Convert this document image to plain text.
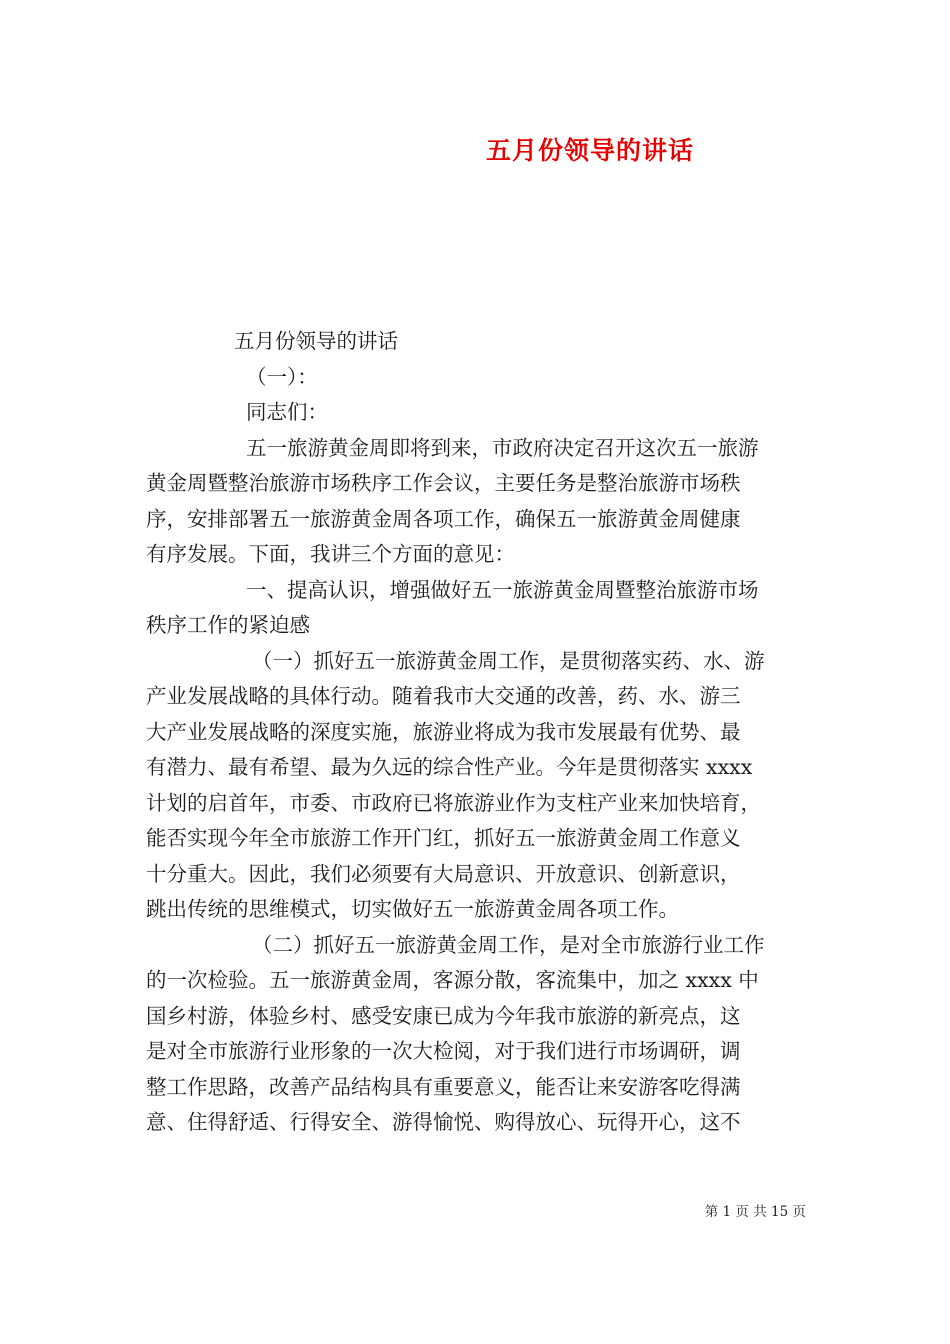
五月份领导的讲话
五月份领导的讲话
（一）：
同志们：
五一旅游黄金周即将到来，市政府决定召开这次五一旅游
黄金周暨整治旅游市场秩序工作会议，主要任务是整治旅游市场秩
序，安排部署五一旅游黄金周各项工作，确保五一旅游黄金周健康
有序发展。下面，我讲三个方面的意见：
一、提高认识，增强做好五一旅游黄金周暨整治旅游市场
秩序工作的紧迫感
（一）抓好五一旅游黄金周工作，是贯彻落实药、水、游
产业发展战略的具体行动。随着我市大交通的改善，药、水、游三
大产业发展战略的深度实施，旅游业将成为我市发展最有优势、最
有潜力、最有希望、最为久远的综合性产业。今年是贯彻落实 xxxx
计划的启首年，市委、市政府已将旅游业作为支柱产业来加快培育，
能否实现今年全市旅游工作开门红，抓好五一旅游黄金周工作意义
十分重大。因此，我们必须要有大局意识、开放意识、创新意识，
跳出传统的思维模式，切实做好五一旅游黄金周各项工作。
（二）抓好五一旅游黄金周工作，是对全市旅游行业工作
的一次检验。五一旅游黄金周，客源分散，客流集中，加之 xxxx 中
国乡村游，体验乡村、感受安康已成为今年我市旅游的新亮点，这
是对全市旅游行业形象的一次大检阅，对于我们进行市场调研，调
整工作思路，改善产品结构具有重要意义，能否让来安游客吃得满
意、住得舒适、行得安全、游得愉悦、购得放心、玩得开心，这不
第 1 页 共 15 页
